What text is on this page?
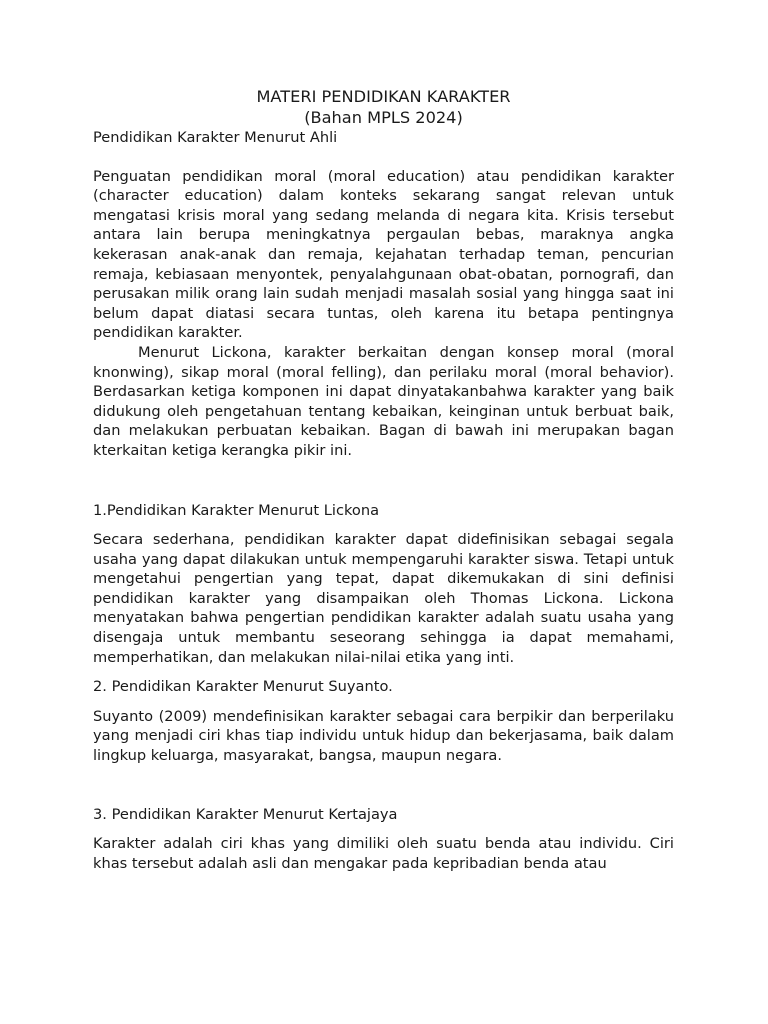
MATERI PENDIDIKAN KARAKTER

(Bahan MPLS 2024)

Pendidikan Karakter Menurut Ahli

Penguatan pendidikan moral (moral education) atau pendidikan karakter (character education) dalam konteks sekarang sangat relevan untuk mengatasi krisis moral yang sedang melanda di negara kita. Krisis tersebut antara lain berupa meningkatnya pergaulan bebas, maraknya angka kekerasan anak-anak dan remaja, kejahatan terhadap teman, pencurian remaja, kebiasaan menyontek, penyalahgunaan obat-obatan, pornografi, dan perusakan milik orang lain sudah menjadi masalah sosial yang hingga saat ini belum dapat diatasi secara tuntas, oleh karena itu betapa pentingnya pendidikan karakter.

Menurut Lickona, karakter berkaitan dengan konsep moral (moral knonwing), sikap moral (moral felling), dan perilaku moral (moral behavior). Berdasarkan ketiga komponen ini dapat dinyatakanbahwa karakter yang baik didukung oleh pengetahuan tentang kebaikan, keinginan untuk berbuat baik, dan melakukan perbuatan kebaikan. Bagan di bawah ini merupakan bagan kterkaitan ketiga kerangka pikir ini.

1.Pendidikan Karakter Menurut Lickona

Secara sederhana, pendidikan karakter dapat didefinisikan sebagai segala usaha yang dapat dilakukan untuk mempengaruhi karakter siswa. Tetapi untuk mengetahui pengertian yang tepat, dapat dikemukakan di sini definisi pendidikan karakter yang disampaikan oleh Thomas Lickona. Lickona menyatakan bahwa pengertian pendidikan karakter adalah suatu usaha yang disengaja untuk membantu seseorang sehingga ia dapat memahami, memperhatikan, dan melakukan nilai-nilai etika yang inti.

2. Pendidikan Karakter Menurut Suyanto.

Suyanto (2009) mendefinisikan karakter sebagai cara berpikir dan berperilaku yang menjadi ciri khas tiap individu untuk hidup dan bekerjasama, baik dalam lingkup keluarga, masyarakat, bangsa, maupun negara.

3. Pendidikan Karakter Menurut Kertajaya

Karakter adalah ciri khas yang dimiliki oleh suatu benda atau individu. Ciri khas tersebut adalah asli dan mengakar pada kepribadian benda atau
